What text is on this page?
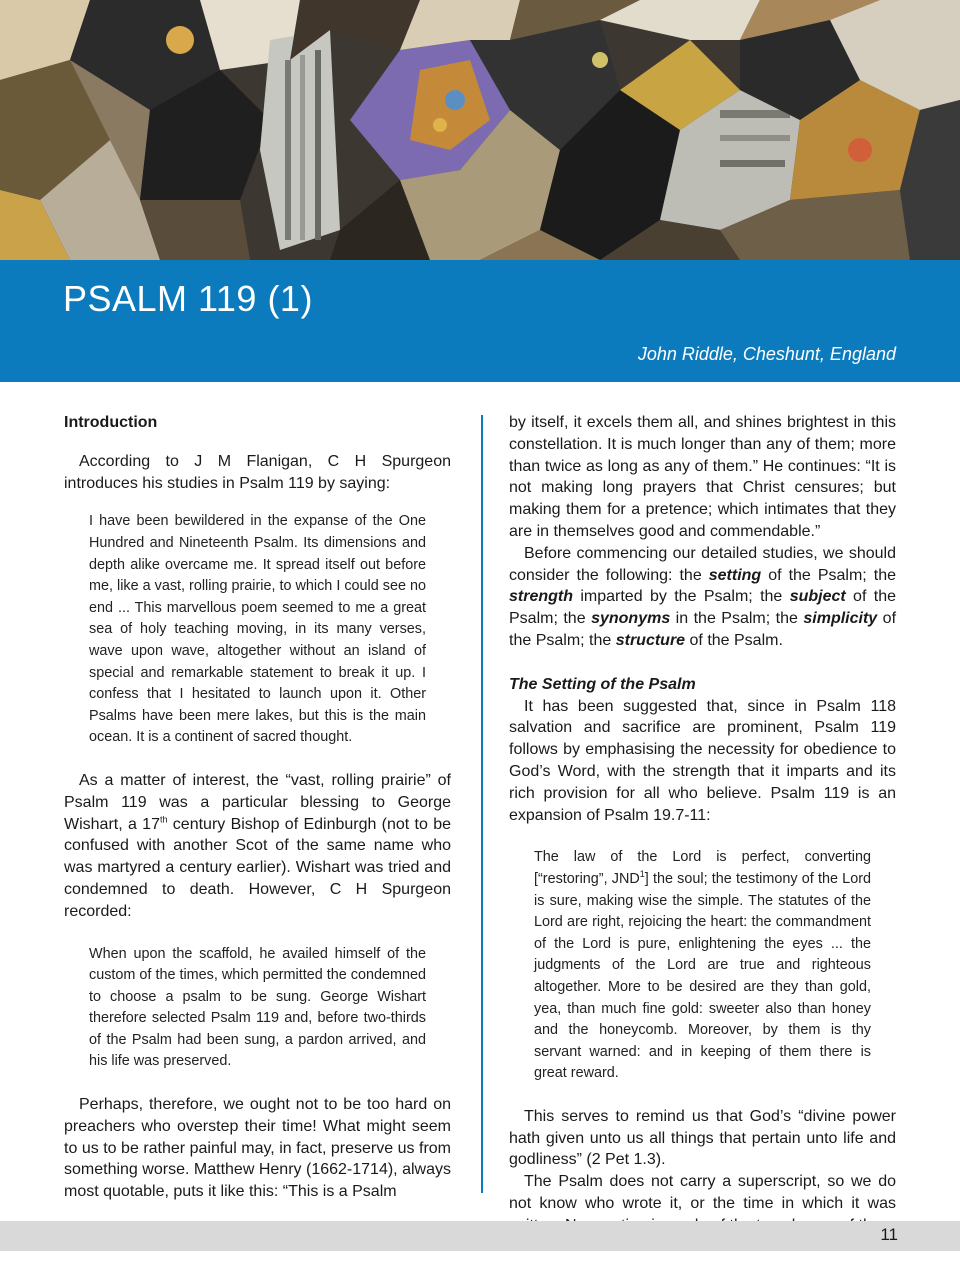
PSALM 119 (1)
John Riddle, Cheshunt, England

Introduction

According to J M Flanigan, C H Spurgeon introduces his studies in Psalm 119 by saying:

I have been bewildered in the expanse of the One Hundred and Nineteenth Psalm. Its dimensions and depth alike overcame me. It spread itself out before me, like a vast, rolling prairie, to which I could see no end ... This marvellous poem seemed to me a great sea of holy teaching moving, in its many verses, wave upon wave, altogether without an island of special and remarkable statement to break it up. I confess that I hesitated to launch upon it. Other Psalms have been mere lakes, but this is the main ocean. It is a continent of sacred thought.

As a matter of interest, the “vast, rolling prairie” of Psalm 119 was a particular blessing to George Wishart, a 17th century Bishop of Edinburgh (not to be confused with another Scot of the same name who was martyred a century earlier). Wishart was tried and condemned to death. However, C H Spurgeon recorded:

When upon the scaffold, he availed himself of the custom of the times, which permitted the condemned to choose a psalm to be sung. George Wishart therefore selected Psalm 119 and, before two-thirds of the Psalm had been sung, a pardon arrived, and his life was preserved.

Perhaps, therefore, we ought not to be too hard on preachers who overstep their time! What might seem to us to be rather painful may, in fact, preserve us from something worse. Matthew Henry (1662-1714), always most quotable, puts it like this: “This is a Psalm

by itself, it excels them all, and shines brightest in this constellation. It is much longer than any of them; more than twice as long as any of them.” He continues: “It is not making long prayers that Christ censures; but making them for a pretence; which intimates that they are in themselves good and commendable.”

Before commencing our detailed studies, we should consider the following: the setting of the Psalm; the strength imparted by the Psalm; the subject of the Psalm; the synonyms in the Psalm; the simplicity of the Psalm; the structure of the Psalm.

The Setting of the Psalm

It has been suggested that, since in Psalm 118 salvation and sacrifice are prominent, Psalm 119 follows by emphasising the necessity for obedience to God’s Word, with the strength that it imparts and its rich provision for all who believe. Psalm 119 is an expansion of Psalm 19.7-11:

The law of the Lord is perfect, converting [“restoring”, JND$^1$] the soul; the testimony of the Lord is sure, making wise the simple. The statutes of the Lord are right, rejoicing the heart: the commandment of the Lord is pure, enlightening the eyes ... the judgments of the Lord are true and righteous altogether. More to be desired are they than gold, yea, than much fine gold: sweeter also than honey and the honeycomb. Moreover, by them is thy servant warned: and in keeping of them there is great reward.

This serves to remind us that God’s “divine power hath given unto us all things that pertain unto life and godliness” (2 Pet 1.3).

The Psalm does not carry a superscript, so we do not know who wrote it, or the time in which it was

11
